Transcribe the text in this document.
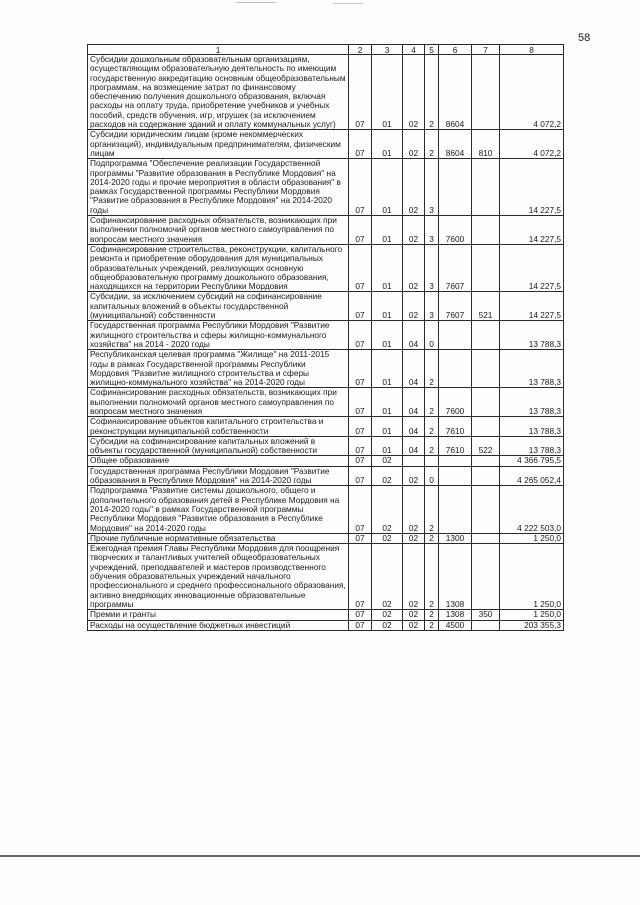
58
1	2	3	4	5	6	7	8
Субсидии дошкольным образовательным организациям, осуществляющим образовательную деятельность по имеющим государственную аккредитацию основным общеобразовательным программам, на возмещение затрат по финансовому обеспечению получения дошкольного образования, включая расходы на оплату труда, приобретение учебников и учебных пособий, средств обучения, игр, игрушек (за исключением расходов на содержание зданий и оплату коммунальных услуг)	07	01	02	2	8604		4 072,2
Субсидии юридическим лицам (кроме некоммерческих организаций), индивидуальным предпринимателям, физическим лицам	07	01	02	2	8604	810	4 072,2
Подпрограмма "Обеспечение реализации Государственной программы "Развитие образования в Республике Мордовия" на 2014-2020 годы и прочие мероприятия в области образования" в рамках Государственной программы Республики Мордовия "Развитие образования в Республике Мордовия" на 2014-2020 годы	07	01	02	3			14 227,5
Софинансирование расходных обязательств, возникающих при выполнении полномочий органов местного самоуправления по вопросам местного значения	07	01	02	3	7600		14 227,5
Софинансирование строительства, реконструкции, капитального ремонта и приобретение оборудования для муниципальных образовательных учреждений, реализующих основную общеобразовательную программу дошкольного образования, находящихся на территории Республики Мордовия	07	01	02	3	7607		14 227,5
Субсидии, за исключением субсидий на софинансирование капитальных вложений в объекты государственной (муниципальной) собственности	07	01	02	3	7607	521	14 227,5
Государственная программа Республики Мордовия "Развитие жилищного строительства и сферы жилищно-коммунального хозяйства" на 2014 - 2020 годы	07	01	04	0			13 788,3
Республиканская целевая программа "Жилище" на 2011-2015 годы в рамках Государственной программы Республики Мордовия "Развитие жилищного строительства и сферы жилищно-коммунального хозяйства" на 2014-2020 годы	07	01	04	2			13 788,3
Софинансирование расходных обязательств, возникающих при выполнении полномочий органов местного самоуправления по вопросам местного значения	07	01	04	2	7600		13 788,3
Софинансирование объектов капитального строительства и реконструкции муниципальной собственности	07	01	04	2	7610		13 788,3
Субсидии на софинансирование капитальных вложений в объекты государственной (муниципальной) собственности	07	01	04	2	7610	522	13 788,3
Общее образование	07	02					4 366 795,5
Государственная программа Республики Мордовия "Развитие образования в Республике Мордовия" на 2014-2020 годы	07	02	02	0			4 265 052,4
Подпрограмма "Развитие системы дошкольного, общего и дополнительного образования детей в Республике Мордовия на 2014-2020 годы" в рамках Государственной программы Республики Мордовия "Развитие образования в Республике Мордовия" на 2014-2020 годы	07	02	02	2			4 222 503,0
Прочие публичные нормативные обязательства	07	02	02	2	1300		1 250,0
Ежегодная премия Главы Республики Мордовия для поощрения творческих и талантливых учителей общеобразовательных учреждений, преподавателей и мастеров производственного обучения образовательных учреждений начального профессионального и среднего профессионального образования, активно внедряющих инновационные образовательные программы	07	02	02	2	1308		1 250,0
Премии и гранты	07	02	02	2	1308	350	1 250,0
Расходы на осуществление бюджетных инвестиций	07	02	02	2	4500		203 355,3
